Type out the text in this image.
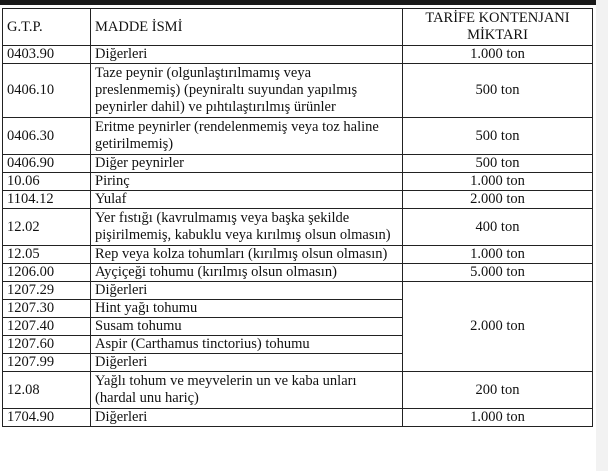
G.T.P.	MADDE İSMİ	TARİFE KONTENJANI MİKTARI
0403.90	Diğerleri	1.000 ton
0406.10	Taze peynir (olgunlaştırılmamış veya preslenmemiş) (peyniraltı suyundan yapılmış peynirler dahil) ve pıhtılaştırılmış ürünler	500 ton
0406.30	Eritme peynirler (rendelenmemiş veya toz haline getirilmemiş)	500 ton
0406.90	Diğer peynirler	500 ton
10.06	Pirinç	1.000 ton
1104.12	Yulaf	2.000 ton
12.02	Yer fıstığı (kavrulmamış veya başka şekilde pişirilmemiş, kabuklu veya kırılmış olsun olmasın)	400 ton
12.05	Rep veya kolza tohumları (kırılmış olsun olmasın)	1.000 ton
1206.00	Ayçiçeği tohumu (kırılmış olsun olmasın)	5.000 ton
1207.29	Diğerleri	2.000 ton
1207.30	Hint yağı tohumu	
1207.40	Susam tohumu	
1207.60	Aspir (Carthamus tinctorius) tohumu	
1207.99	Diğerleri	
12.08	Yağlı tohum ve meyvelerin un ve kaba unları (hardal unu hariç)	200 ton
1704.90	Diğerleri	1.000 ton
